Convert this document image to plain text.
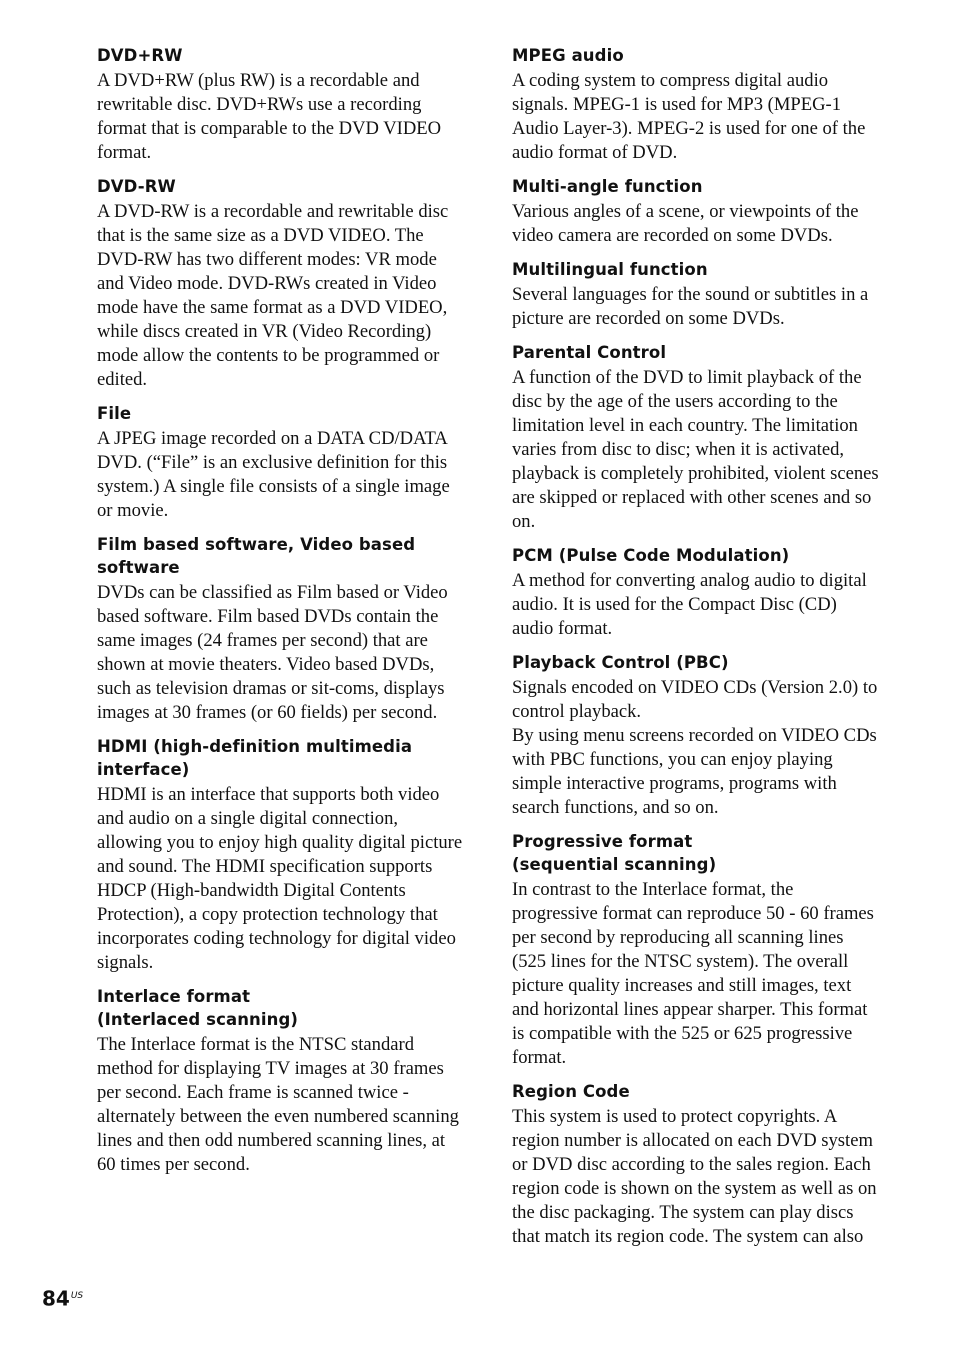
DVD+RW

A DVD+RW (plus RW) is a recordable and rewritable disc. DVD+RWs use a recording format that is comparable to the DVD VIDEO format.

DVD-RW

A DVD-RW is a recordable and rewritable disc that is the same size as a DVD VIDEO. The DVD-RW has two different modes: VR mode and Video mode. DVD-RWs created in Video mode have the same format as a DVD VIDEO, while discs created in VR (Video Recording) mode allow the contents to be programmed or edited.

File

A JPEG image recorded on a DATA CD/DATA DVD. (“File” is an exclusive definition for this system.) A single file consists of a single image or movie.

Film based software, Video based software

DVDs can be classified as Film based or Video based software. Film based DVDs contain the same images (24 frames per second) that are shown at movie theaters. Video based DVDs, such as television dramas or sit-coms, displays images at 30 frames (or 60 fields) per second.

HDMI (high-definition multimedia interface)

HDMI is an interface that supports both video and audio on a single digital connection, allowing you to enjoy high quality digital picture and sound. The HDMI specification supports HDCP (High-bandwidth Digital Contents Protection), a copy protection technology that incorporates coding technology for digital video signals.

Interlace format
(Interlaced scanning)

The Interlace format is the NTSC standard method for displaying TV images at 30 frames per second. Each frame is scanned twice - alternately between the even numbered scanning lines and then odd numbered scanning lines, at 60 times per second.

MPEG audio

A coding system to compress digital audio signals. MPEG-1 is used for MP3 (MPEG-1 Audio Layer-3). MPEG-2 is used for one of the audio format of DVD.

Multi-angle function

Various angles of a scene, or viewpoints of the video camera are recorded on some DVDs.

Multilingual function

Several languages for the sound or subtitles in a picture are recorded on some DVDs.

Parental Control

A function of the DVD to limit playback of the disc by the age of the users according to the limitation level in each country. The limitation varies from disc to disc; when it is activated, playback is completely prohibited, violent scenes are skipped or replaced with other scenes and so on.

PCM (Pulse Code Modulation)

A method for converting analog audio to digital audio. It is used for the Compact Disc (CD) audio format.

Playback Control (PBC)

Signals encoded on VIDEO CDs (Version 2.0) to control playback.
By using menu screens recorded on VIDEO CDs with PBC functions, you can enjoy playing simple interactive programs, programs with search functions, and so on.

Progressive format
(sequential scanning)

In contrast to the Interlace format, the progressive format can reproduce 50 - 60 frames per second by reproducing all scanning lines (525 lines for the NTSC system). The overall picture quality increases and still images, text and horizontal lines appear sharper. This format is compatible with the 525 or 625 progressive format.

Region Code

This system is used to protect copyrights. A region number is allocated on each DVD system or DVD disc according to the sales region. Each region code is shown on the system as well as on the disc packaging. The system can play discs that match its region code. The system can also

$84^{US}$
